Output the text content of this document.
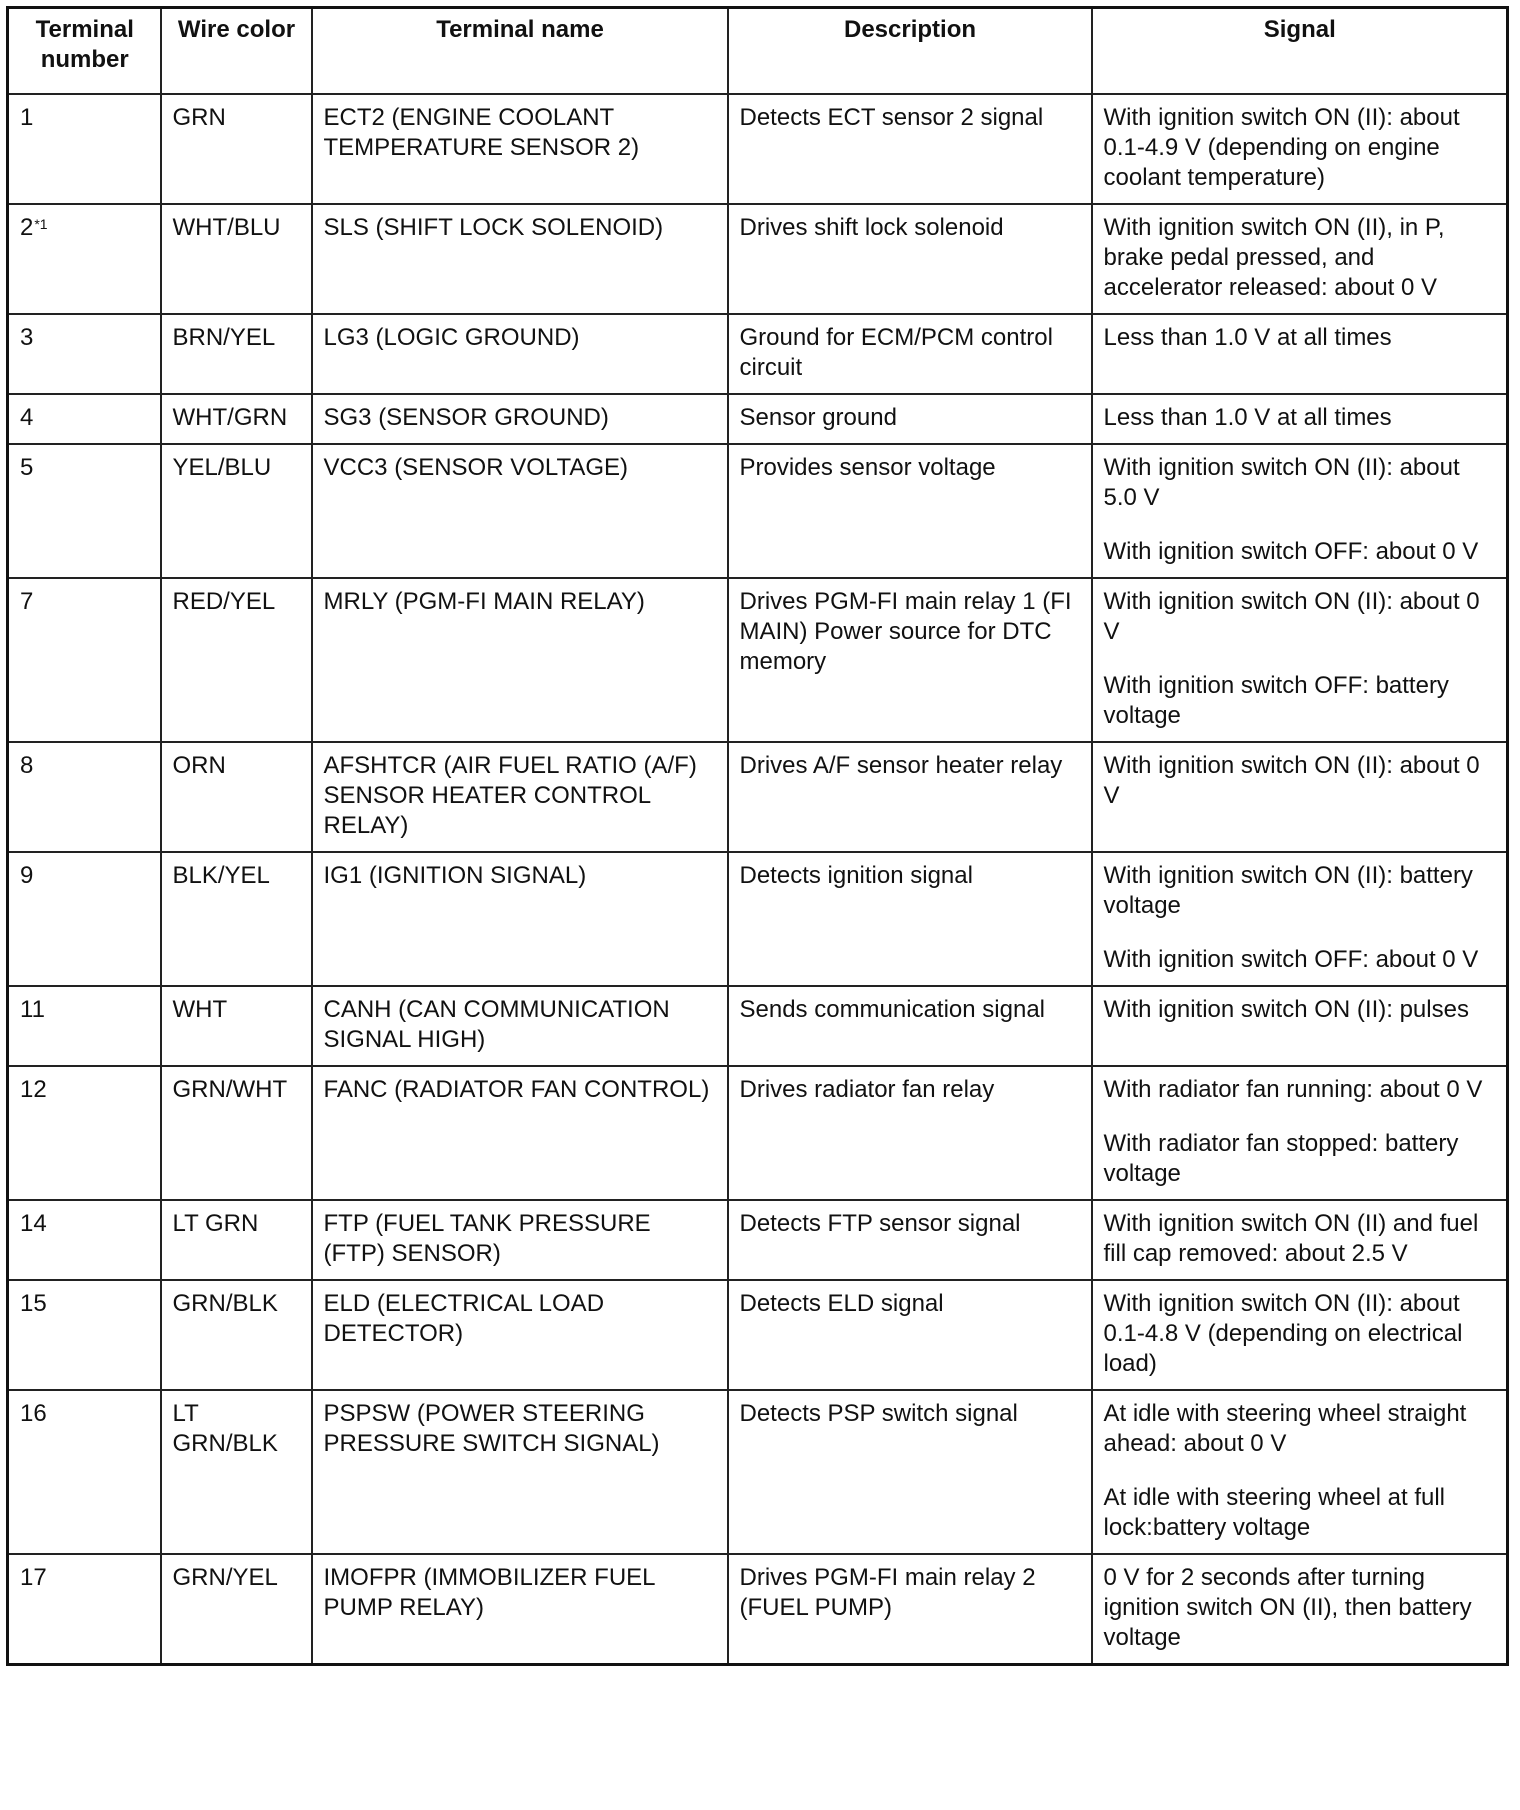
Terminal number	Wire color	Terminal name	Description	Signal
1	GRN	ECT2 (ENGINE COOLANT TEMPERATURE SENSOR 2)	Detects ECT sensor 2 signal	With ignition switch ON (II): about 0.1-4.9 V (depending on engine coolant temperature)

2$^{*1}$	WHT/BLU	SLS (SHIFT LOCK SOLENOID)	Drives shift lock solenoid	With ignition switch ON (II), in P, brake pedal pressed, and accelerator released: about 0 V

3	BRN/YEL	LG3 (LOGIC GROUND)	Ground for ECM/PCM control circuit	Less than 1.0 V at all times

4	WHT/GRN	SG3 (SENSOR GROUND)	Sensor ground	Less than 1.0 V at all times

5	YEL/BLU	VCC3 (SENSOR VOLTAGE)	Provides sensor voltage	With ignition switch ON (II): about 5.0 V

With ignition switch OFF: about 0 V

7	RED/YEL	MRLY (PGM-FI MAIN RELAY)	Drives PGM-FI main relay 1 (FI MAIN) Power source for DTC memory	With ignition switch ON (II): about 0 V

With ignition switch OFF: battery voltage

8	ORN	AFSHTCR (AIR FUEL RATIO (A/F) SENSOR HEATER CONTROL RELAY)	Drives A/F sensor heater relay	With ignition switch ON (II): about 0 V

9	BLK/YEL	IG1 (IGNITION SIGNAL)	Detects ignition signal	With ignition switch ON (II): battery voltage

With ignition switch OFF: about 0 V

11	WHT	CANH (CAN COMMUNICATION SIGNAL HIGH)	Sends communication signal	With ignition switch ON (II): pulses

12	GRN/WHT	FANC (RADIATOR FAN CONTROL)	Drives radiator fan relay	With radiator fan running: about 0 V

With radiator fan stopped: battery voltage

14	LT GRN	FTP (FUEL TANK PRESSURE (FTP) SENSOR)	Detects FTP sensor signal	With ignition switch ON (II) and fuel fill cap removed: about 2.5 V

15	GRN/BLK	ELD (ELECTRICAL LOAD DETECTOR)	Detects ELD signal	With ignition switch ON (II): about 0.1-4.8 V (depending on electrical load)

16	LT GRN/BLK	PSPSW (POWER STEERING PRESSURE SWITCH SIGNAL)	Detects PSP switch signal	At idle with steering wheel straight ahead: about 0 V

At idle with steering wheel at full lock:battery voltage

17	GRN/YEL	IMOFPR (IMMOBILIZER FUEL PUMP RELAY)	Drives PGM-FI main relay 2 (FUEL PUMP)	0 V for 2 seconds after turning ignition switch ON (II), then battery voltage
